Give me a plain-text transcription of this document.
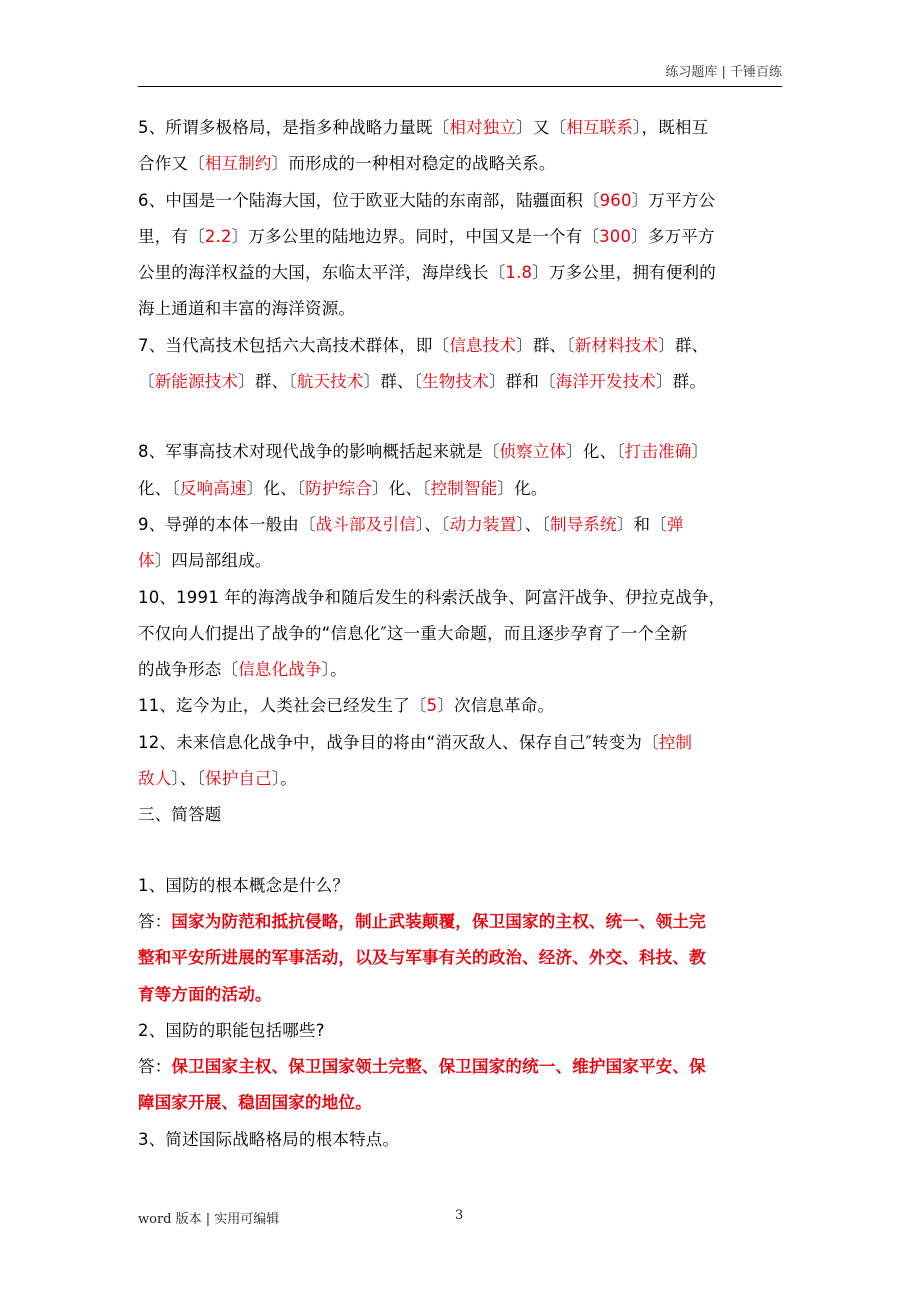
练习题库 | 千锤百练
5、所谓多极格局，是指多种战略力量既〔相对独立〕又〔相互联系〕，既相互
合作又〔相互制约〕而形成的一种相对稳定的战略关系。
6、中国是一个陆海大国，位于欧亚大陆的东南部，陆疆面积〔960〕万平方公
里，有〔2.2〕万多公里的陆地边界。同时，中国又是一个有〔300〕多万平方
公里的海洋权益的大国，东临太平洋，海岸线长〔1.8〕万多公里，拥有便利的
海上通道和丰富的海洋资源。
7、当代高技术包括六大高技术群体，即〔信息技术〕群、〔新材料技术〕群、
〔新能源技术〕群、〔航天技术〕群、〔生物技术〕群和〔海洋开发技术〕群。
8、军事高技术对现代战争的影响概括起来就是〔侦察立体〕化、〔打击准确〕
化、〔反响高速〕化、〔防护综合〕化、〔控制智能〕化。
9、导弹的本体一般由〔战斗部及引信〕、〔动力装置〕、〔制导系统〕和〔弹
体〕四局部组成。
10、1991 年的海湾战争和随后发生的科索沃战争、阿富汗战争、伊拉克战争，
不仅向人们提出了战争的“信息化″这一重大命题，而且逐步孕育了一个全新
的战争形态〔信息化战争〕。
11、迄今为止，人类社会已经发生了〔5〕次信息革命。
12、未来信息化战争中，战争目的将由“消灭敌人、保存自己″转变为〔控制
敌人〕、〔保护自己〕。
三、简答题
1、国防的根本概念是什么？
答：国家为防范和抵抗侵略，制止武装颠覆，保卫国家的主权、统一、领土完
整和平安所进展的军事活动，以及与军事有关的政治、经济、外交、科技、教
育等方面的活动。
2、国防的职能包括哪些?
答：保卫国家主权、保卫国家领土完整、保卫国家的统一、维护国家平安、保
障国家开展、稳固国家的地位。
3、简述国际战略格局的根本特点。
word 版本 | 实用可编辑	3
